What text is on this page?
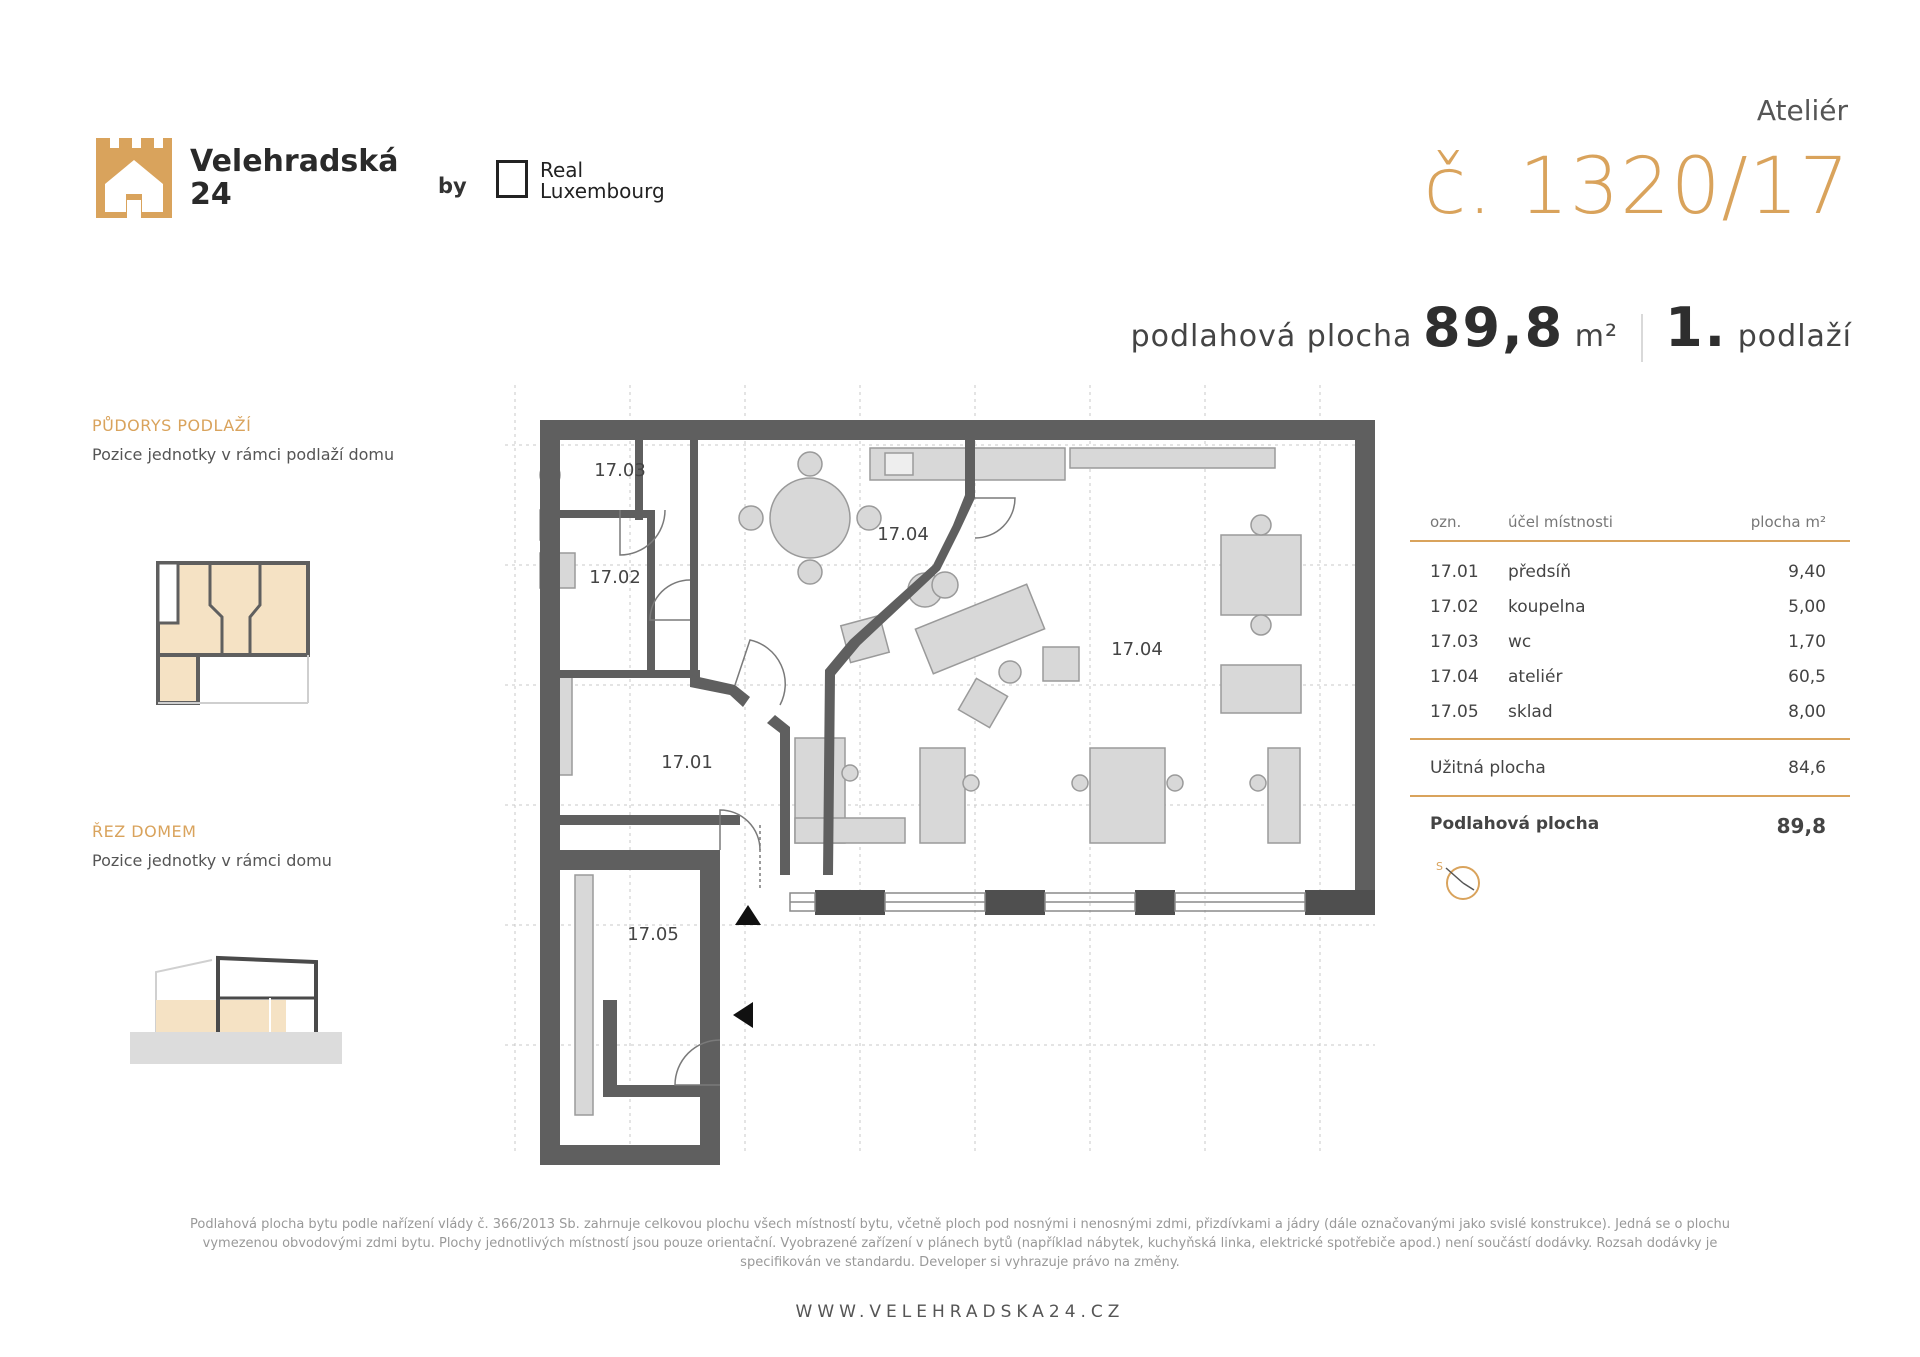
Velehradská
24	by
Real
Luxembourg
Ateliér
č. 1320/17
podlahová plocha 89,8 m² 1. podlaží
PŮDORYS PODLAŽÍ
Pozice jednotky v rámci podlaží domu
ŘEZ DOMEM
Pozice jednotky v rámci domu
17.03
17.02
17.04
17.04
17.01
17.05
ozn.	účel místnosti	plocha m²
17.01 předsíň	9,40
17.02 koupelna	5,00
17.03 wc	1,70
17.04 ateliér	60,5
17.05 sklad	8,00
Užitná plocha	84,6
Podlahová plocha	89,8
S
Podlahová plocha bytu podle nařízení vlády č. 366/2013 Sb. zahrnuje celkovou plochu všech místností bytu, včetně ploch pod nosnými i nenosnými zdmi, přizdívkami a jádry (dále označovanými jako svislé konstrukce). Jedná se o plochu
vymezenou obvodovými zdmi bytu. Plochy jednotlivých místností jsou pouze orientační. Vyobrazené zařízení v plánech bytů (například nábytek, kuchyňská linka, elektrické spotřebiče apod.) není součástí dodávky. Rozsah dodávky je
specifikován ve standardu. Developer si vyhrazuje právo na změny.
WWW.VELEHRADSKA24.CZ
